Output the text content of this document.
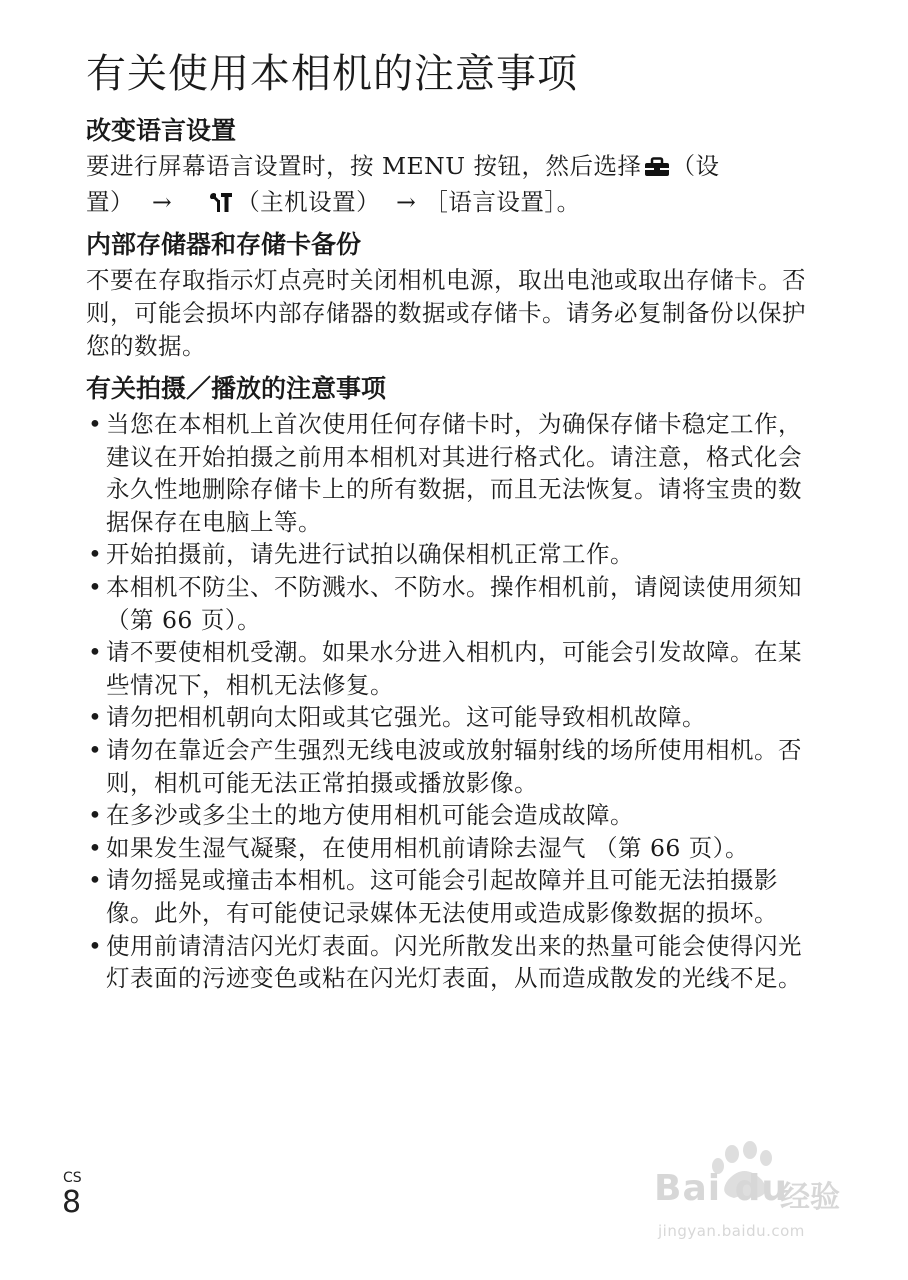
有关使用本相机的注意事项
改变语言设置

要进行屏幕语言设置时，按 MENU 按钮，然后选择 （设
置） →	（主机设置） → ［语言设置］。

内部存储器和存储卡备份

不要在存取指示灯点亮时关闭相机电源，取出电池或取出存储卡。否则，可能会损坏内部存储器的数据或存储卡。请务必复制备份以保护您的数据。

有关拍摄／播放的注意事项
• 当您在本相机上首次使用任何存储卡时，为确保存储卡稳定工作，建议在开始拍摄之前用本相机对其进行格式化。请注意，格式化会永久性地删除存储卡上的所有数据，而且无法恢复。请将宝贵的数据保存在电脑上等。
• 开始拍摄前，请先进行试拍以确保相机正常工作。
• 本相机不防尘、不防溅水、不防水。操作相机前，请阅读使用须知 （第 66 页）。
• 请不要使相机受潮。如果水分进入相机内，可能会引发故障。在某些情况下，相机无法修复。
• 请勿把相机朝向太阳或其它强光。这可能导致相机故障。
• 请勿在靠近会产生强烈无线电波或放射辐射线的场所使用相机。否则，相机可能无法正常拍摄或播放影像。
• 在多沙或多尘土的地方使用相机可能会造成故障。
• 如果发生湿气凝聚，在使用相机前请除去湿气 （第 66 页）。
• 请勿摇晃或撞击本相机。这可能会引起故障并且可能无法拍摄影像。此外，有可能使记录媒体无法使用或造成影像数据的损坏。
• 使用前请清洁闪光灯表面。闪光所散发出来的热量可能会使得闪光灯表面的污迹变色或粘在闪光灯表面，从而造成散发的光线不足。
CS
8	Bai du
经验
jingyan.baidu.com
